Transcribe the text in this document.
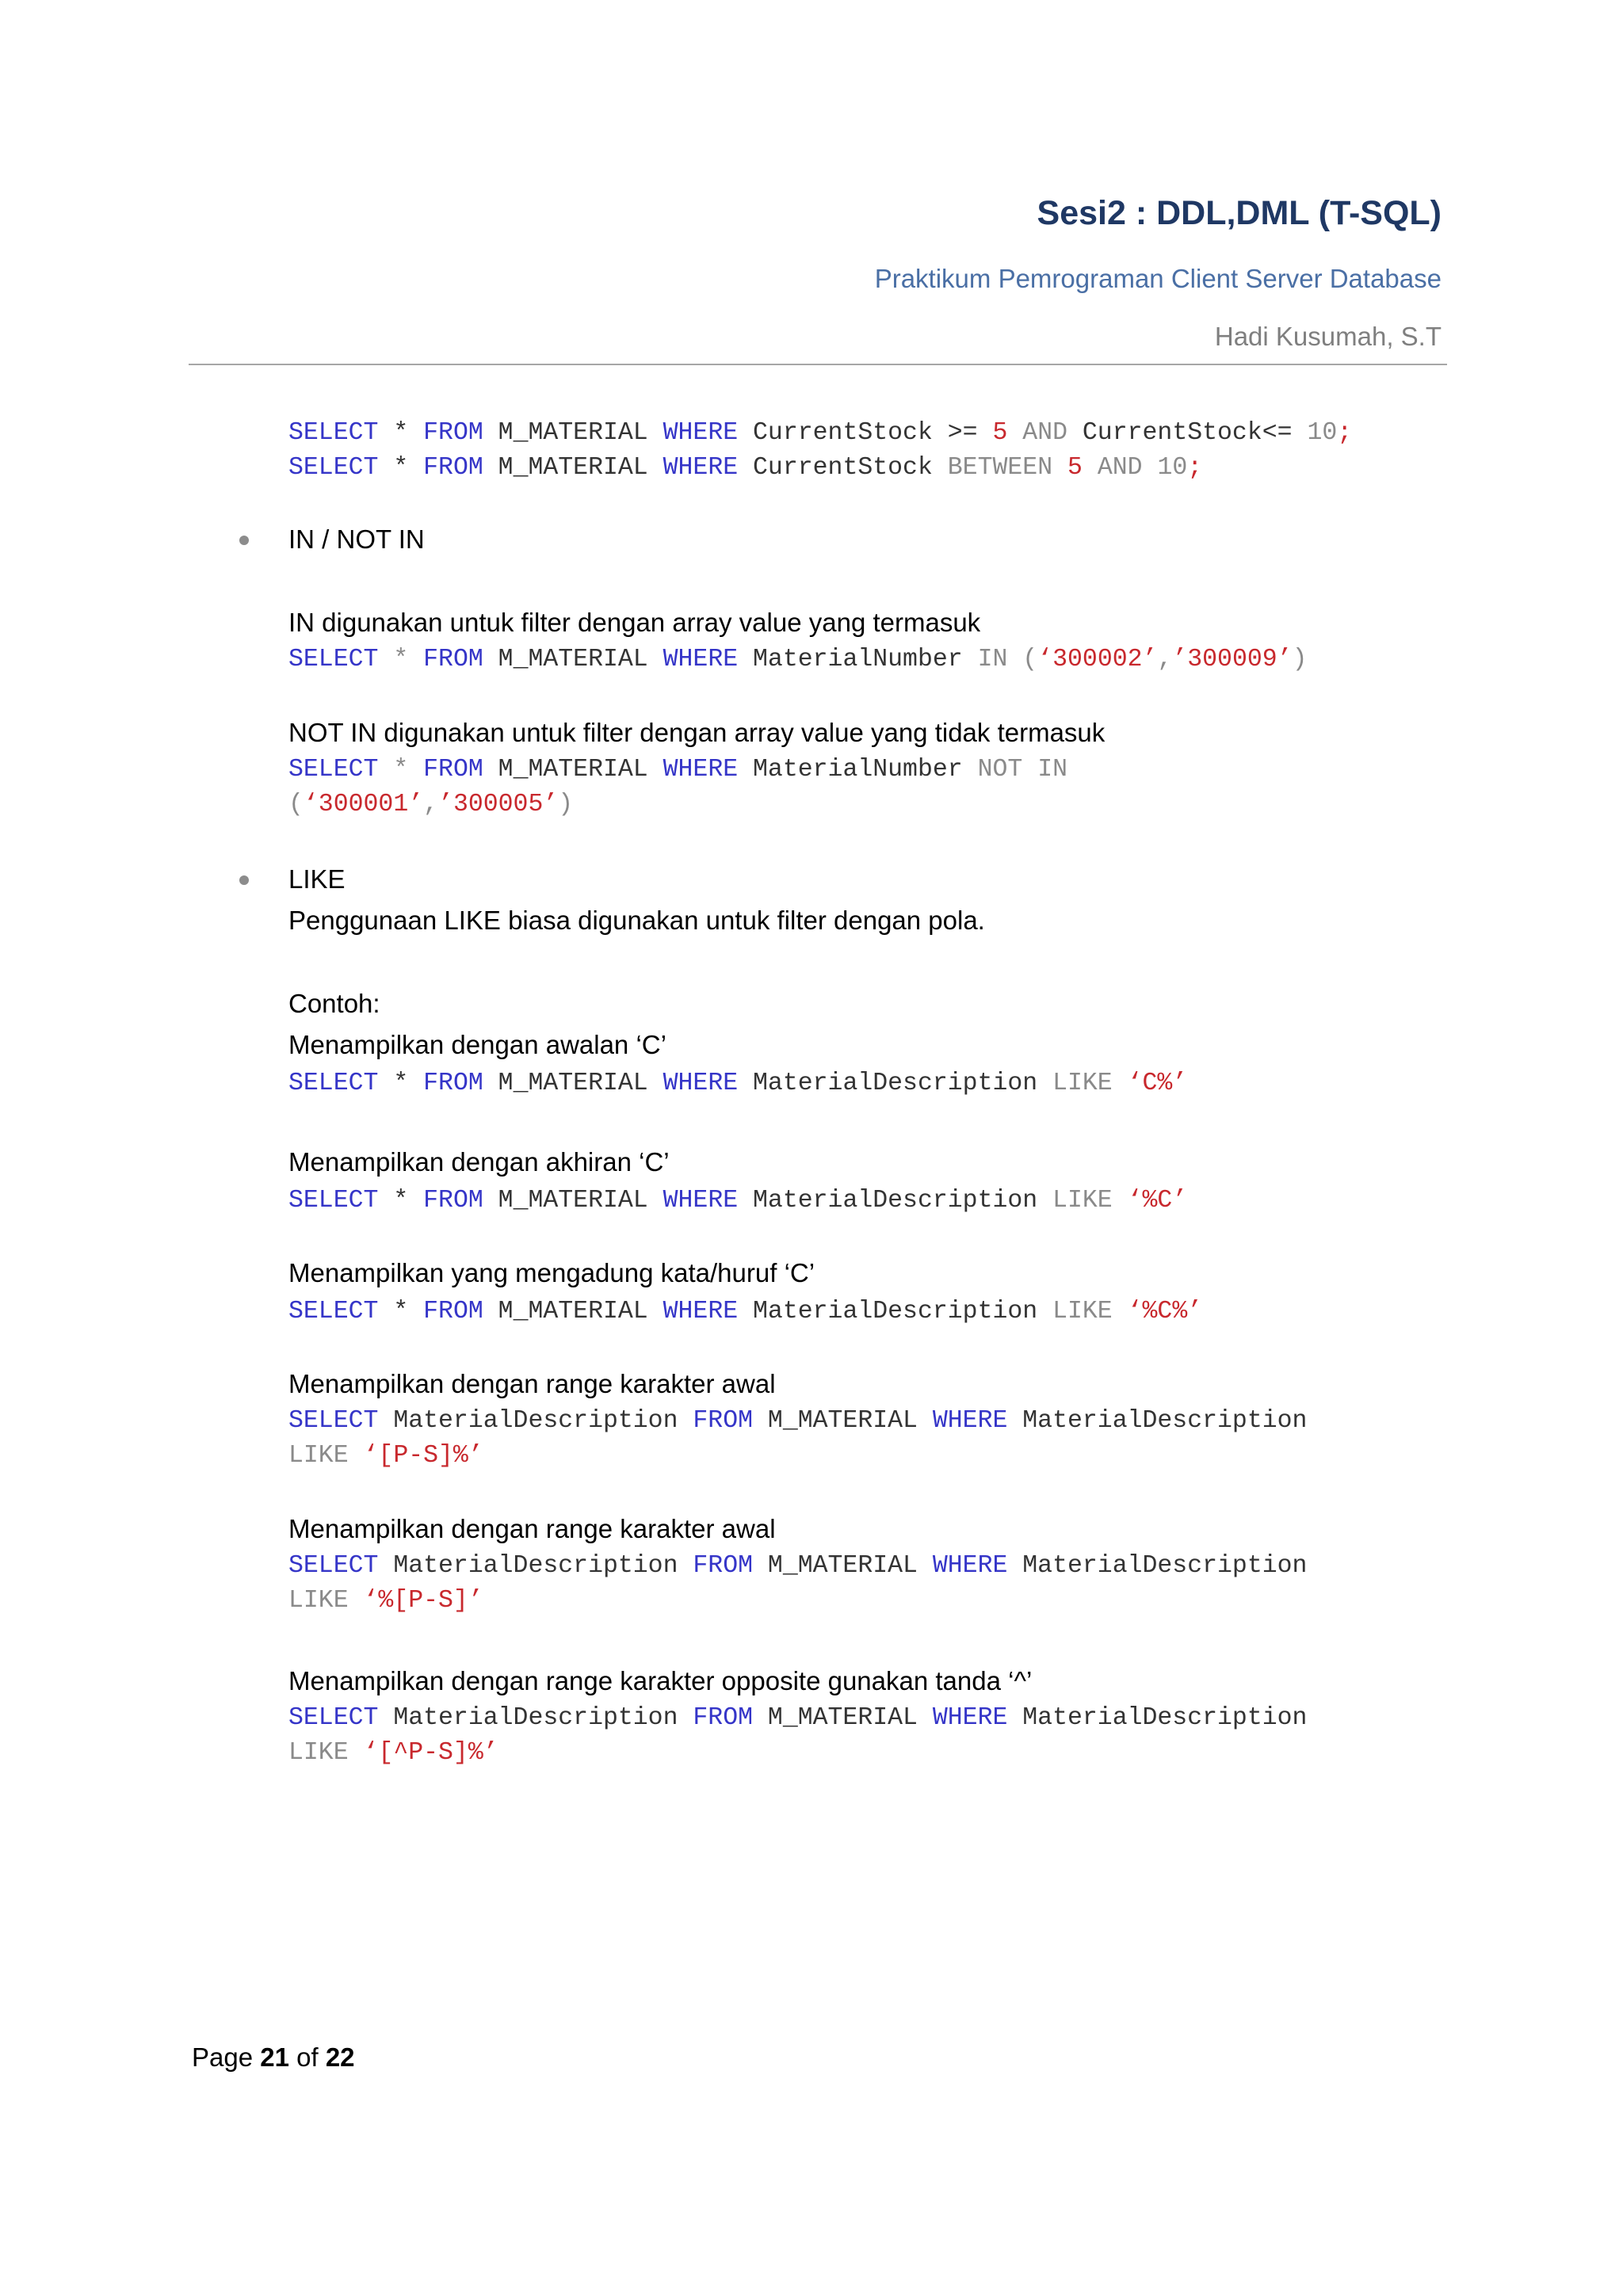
Sesi2 : DDL,DML (T-SQL)
Praktikum Pemrograman Client Server Database
Hadi Kusumah, S.T
SELECT * FROM M_MATERIAL WHERE CurrentStock >= 5 AND CurrentStock<= 10;
SELECT * FROM M_MATERIAL WHERE CurrentStock BETWEEN 5 AND 10;
IN / NOT IN
IN digunakan untuk filter dengan array value yang termasuk
SELECT * FROM M_MATERIAL WHERE MaterialNumber IN (‘300002’,’300009’)
NOT IN digunakan untuk filter dengan array value yang tidak termasuk
SELECT * FROM M_MATERIAL WHERE MaterialNumber NOT IN
(‘300001’,’300005’)
LIKE
Penggunaan LIKE biasa digunakan untuk filter dengan pola.
Contoh:
Menampilkan dengan awalan ‘C’
SELECT * FROM M_MATERIAL WHERE MaterialDescription LIKE ‘C%’
Menampilkan dengan akhiran ‘C’
SELECT * FROM M_MATERIAL WHERE MaterialDescription LIKE ‘%C’
Menampilkan yang mengadung kata/huruf ‘C’
SELECT * FROM M_MATERIAL WHERE MaterialDescription LIKE ‘%C%’
Menampilkan dengan range karakter awal
SELECT MaterialDescription FROM M_MATERIAL WHERE MaterialDescription
LIKE ‘[P-S]%’
Menampilkan dengan range karakter awal
SELECT MaterialDescription FROM M_MATERIAL WHERE MaterialDescription
LIKE ‘%[P-S]’
Menampilkan dengan range karakter opposite gunakan tanda ‘^’
SELECT MaterialDescription FROM M_MATERIAL WHERE MaterialDescription
LIKE ‘[^P-S]%’
Page 21 of 22
